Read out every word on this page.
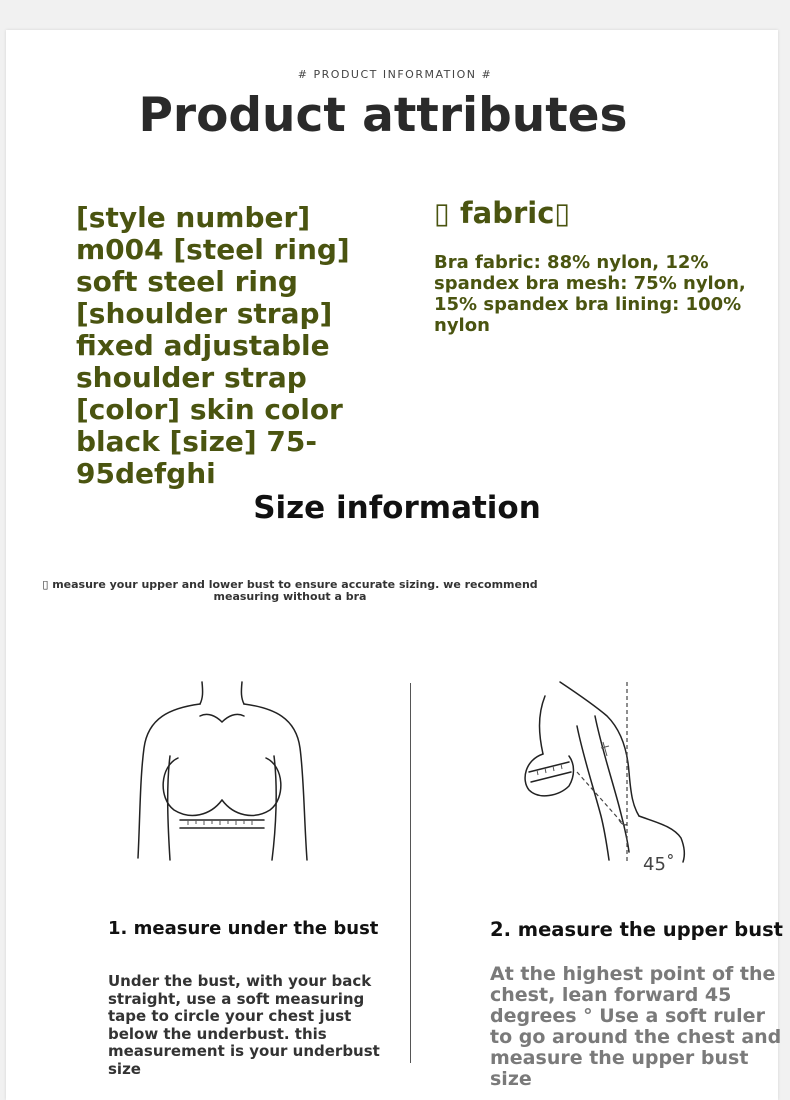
# PRODUCT INFORMATION #
Product attributes
[style number] m004 [steel ring] soft steel ring [shoulder strap] fixed adjustable shoulder strap [color] skin color black [size] 75-95defghi
▯ fabric▯
Bra fabric: 88% nylon, 12% spandex bra mesh: 75% nylon, 15% spandex bra lining: 100% nylon
Size information
▯ measure your upper and lower bust to ensure accurate sizing. we recommend measuring without a bra
45˚
1. measure under the bust
Under the bust, with your back straight, use a soft measuring tape to circle your chest just below the underbust. this measurement is your underbust size
2. measure the upper bust
At the highest point of the chest, lean forward 45 degrees ° Use a soft ruler to go around the chest and measure the upper bust size
